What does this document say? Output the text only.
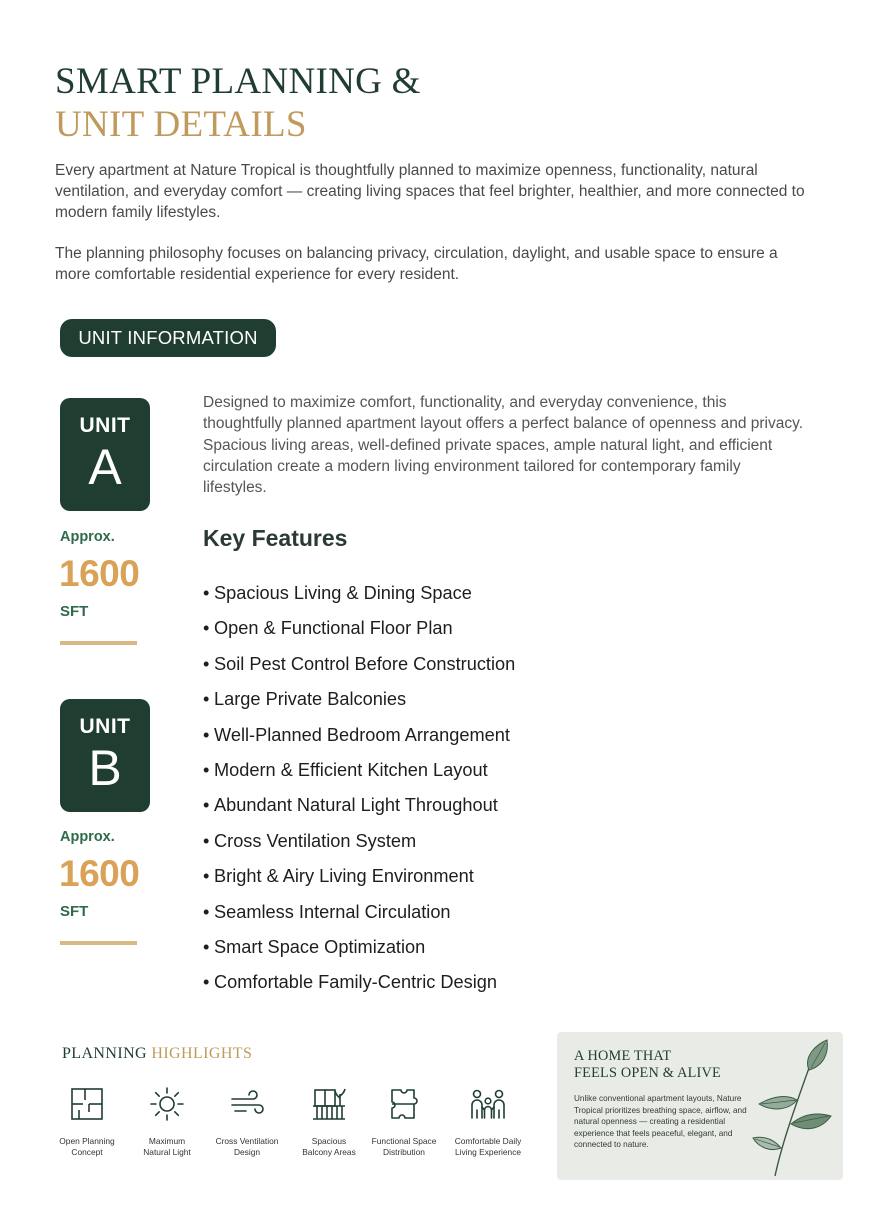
SMART PLANNING &
UNIT DETAILS

Every apartment at Nature Tropical is thoughtfully planned to maximize openness, functionality, natural ventilation, and everyday comfort — creating living spaces that feel brighter, healthier, and more connected to modern family lifestyles.

The planning philosophy focuses on balancing privacy, circulation, daylight, and usable space to ensure a more comfortable residential experience for every resident.

UNIT INFORMATION
UNIT
A
Approx.
1600
SFT
UNIT
B
Approx.
1600
SFT

Designed to maximize comfort, functionality, and everyday convenience, this thoughtfully planned apartment layout offers a perfect balance of openness and privacy. Spacious living areas, well-defined private spaces, ample natural light, and efficient circulation create a modern living environment tailored for contemporary family lifestyles.

Key Features
• Spacious Living & Dining Space
• Open & Functional Floor Plan
• Soil Pest Control Before Construction
• Large Private Balconies
• Well-Planned Bedroom Arrangement
• Modern & Efficient Kitchen Layout
• Abundant Natural Light Throughout
• Cross Ventilation System
• Bright & Airy Living Environment
• Seamless Internal Circulation
• Smart Space Optimization
• Comfortable Family-Centric Design
PLANNING HIGHLIGHTS
Open Planning
Concept
Maximum
Natural Light
Cross Ventilation
Design
Spacious
Balcony Areas
Functional Space
Distribution
Comfortable Daily
Living Experience
A HOME THAT
FEELS OPEN & ALIVE

Unlike conventional apartment layouts, Nature Tropical prioritizes breathing space, airflow, and natural openness — creating a residential experience that feels peaceful, elegant, and connected to nature.
